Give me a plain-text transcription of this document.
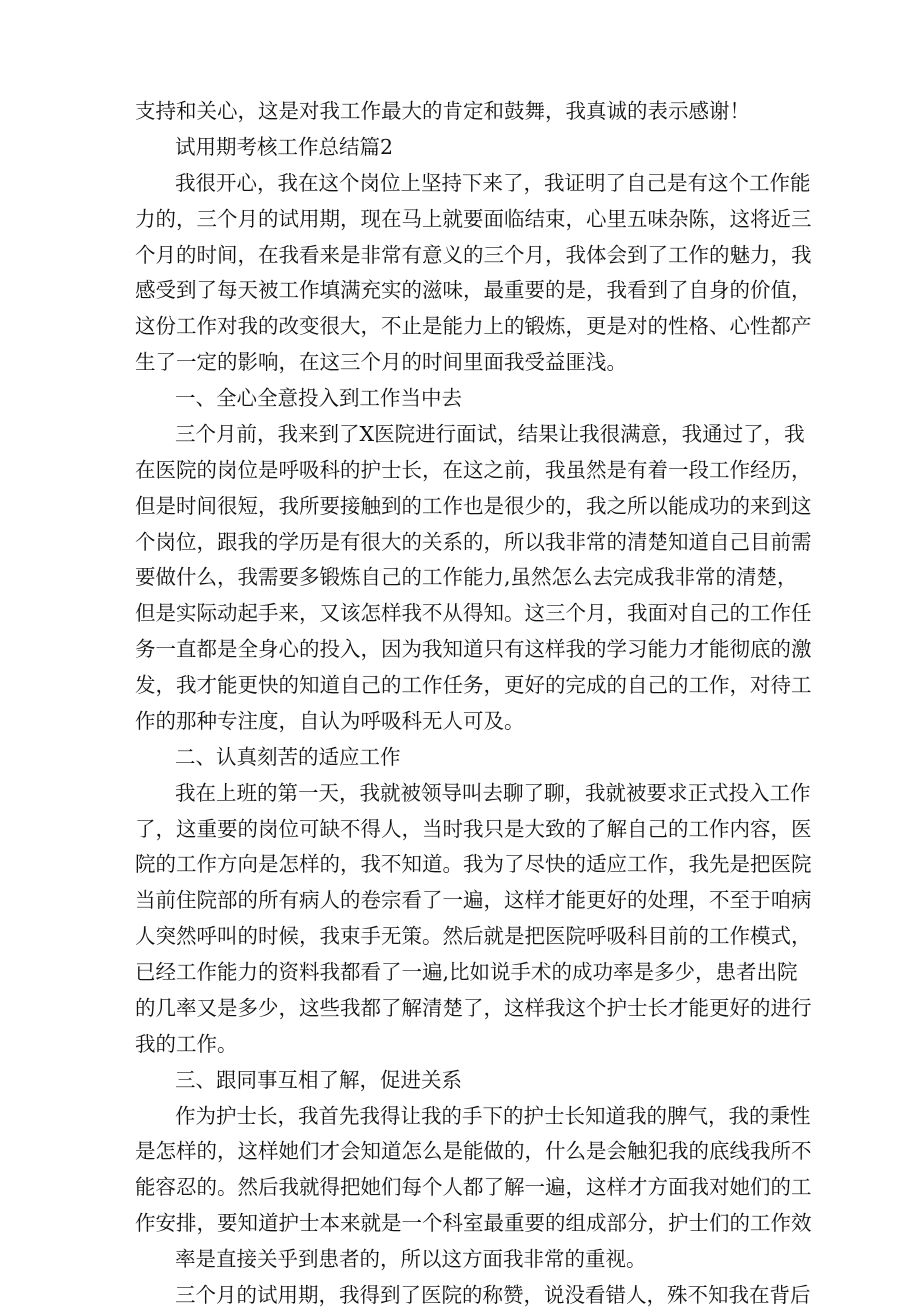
支持和关心，这是对我工作最大的肯定和鼓舞，我真诚的表示感谢！
试用期考核工作总结篇2
我很开心，我在这个岗位上坚持下来了，我证明了自己是有这个工作能
力的，三个月的试用期，现在马上就要面临结束，心里五味杂陈，这将近三
个月的时间，在我看来是非常有意义的三个月，我体会到了工作的魅力，我
感受到了每天被工作填满充实的滋味，最重要的是，我看到了自身的价值，
这份工作对我的改变很大，不止是能力上的锻炼，更是对的性格、心性都产
生了一定的影响，在这三个月的时间里面我受益匪浅。
一、全心全意投入到工作当中去
三个月前，我来到了X医院进行面试，结果让我很满意，我通过了，我
在医院的岗位是呼吸科的护士长，在这之前，我虽然是有着一段工作经历，
但是时间很短，我所要接触到的工作也是很少的，我之所以能成功的来到这
个岗位，跟我的学历是有很大的关系的，所以我非常的清楚知道自己目前需
要做什么，我需要多锻炼自己的工作能力,虽然怎么去完成我非常的清楚，
但是实际动起手来，又该怎样我不从得知。这三个月，我面对自己的工作任
务一直都是全身心的投入，因为我知道只有这样我的学习能力才能彻底的激
发，我才能更快的知道自己的工作任务，更好的完成的自己的工作，对待工
作的那种专注度，自认为呼吸科无人可及。
二、认真刻苦的适应工作
我在上班的第一天，我就被领导叫去聊了聊，我就被要求正式投入工作
了，这重要的岗位可缺不得人，当时我只是大致的了解自己的工作内容，医
院的工作方向是怎样的，我不知道。我为了尽快的适应工作，我先是把医院
当前住院部的所有病人的卷宗看了一遍，这样才能更好的处理，不至于咱病
人突然呼叫的时候，我束手无策。然后就是把医院呼吸科目前的工作模式，
已经工作能力的资料我都看了一遍,比如说手术的成功率是多少，患者出院
的几率又是多少，这些我都了解清楚了，这样我这个护士长才能更好的进行
我的工作。
三、跟同事互相了解，促进关系
作为护士长，我首先我得让我的手下的护士长知道我的脾气，我的秉性
是怎样的，这样她们才会知道怎么是能做的，什么是会触犯我的底线我所不
能容忍的。然后我就得把她们每个人都了解一遍，这样才方面我对她们的工
作安排，要知道护士本来就是一个科室最重要的组成部分，护士们的工作效
率是直接关乎到患者的，所以这方面我非常的重视。
三个月的试用期，我得到了医院的称赞，说没看错人，殊不知我在背后
